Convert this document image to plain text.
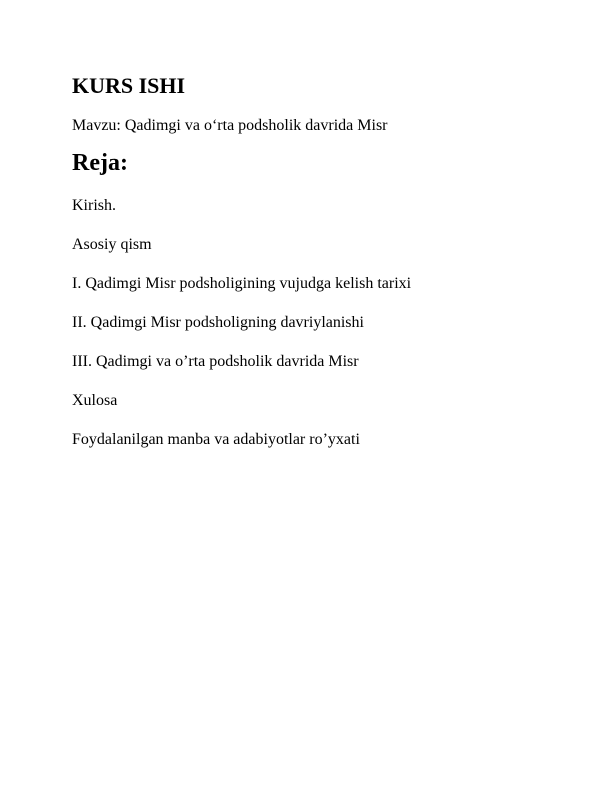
KURS ISHI

Mavzu: Qadimgi va o‘rta podsholik davrida Misr

Reja:
Kirish.
Asosiy qism
I. Qadimgi Misr podsholigining vujudga kelish tarixi
II. Qadimgi Misr podsholigning davriylanishi
III. Qadimgi va o’rta podsholik davrida Misr
Xulosa
Foydalanilgan manba va adabiyotlar ro’yxati
